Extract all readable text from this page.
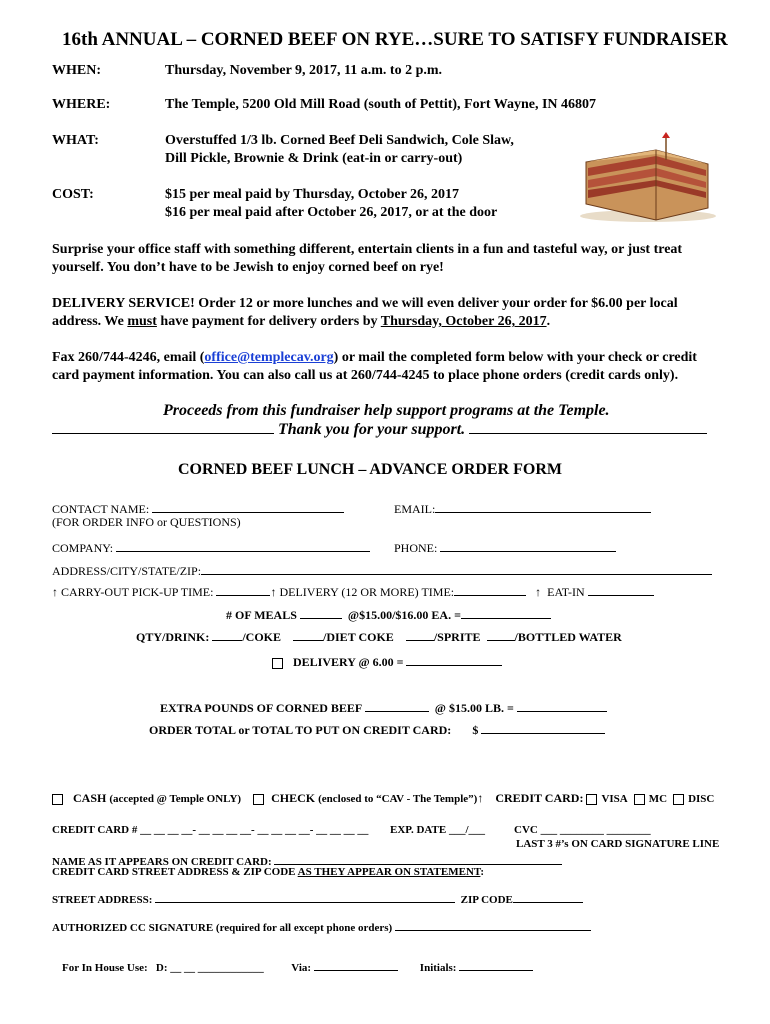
16th ANNUAL – CORNED BEEF ON RYE…SURE TO SATISFY FUNDRAISER
WHEN:	Thursday, November 9, 2017, 11 a.m. to 2 p.m.
WHERE:	The Temple, 5200 Old Mill Road (south of Pettit), Fort Wayne, IN 46807
WHAT:	Overstuffed 1/3 lb. Corned Beef Deli Sandwich, Cole Slaw,
Dill Pickle, Brownie & Drink (eat-in or carry-out)
COST:	$15 per meal paid by Thursday, October 26, 2017
$16 per meal paid after October 26, 2017, or at the door
Surprise your office staff with something different, entertain clients in a fun and tasteful way, or just treat yourself. You don’t have to be Jewish to enjoy corned beef on rye!
DELIVERY SERVICE! Order 12 or more lunches and we will even deliver your order for $6.00 per local address. We must have payment for delivery orders by Thursday, October 26, 2017.
Fax 260/744-4246, email (office@templecav.org) or mail the completed form below with your check or credit card payment information. You can also call us at 260/744-4245 to place phone orders (credit cards only).
Proceeds from this fundraiser help support programs at the Temple.
Thank you for your support.
CORNED BEEF LUNCH – ADVANCE ORDER FORM
CONTACT NAME:
(FOR ORDER INFO or QUESTIONS)
EMAIL:
COMPANY:	PHONE:
ADDRESS/CITY/STATE/ZIP:
↑ CARRY-OUT PICK-UP TIME:	↑ DELIVERY (12 OR MORE) TIME:	↑ EAT-IN
# OF MEALS	@$15.00/$16.00 EA. =
QTY/DRINK:	/COKE	/DIET COKE	/SPRITE	/BOTTLED WATER
DELIVERY @ 6.00 =
EXTRA POUNDS OF CORNED BEEF	@ $15.00 LB. =
ORDER TOTAL or TOTAL TO PUT ON CREDIT CARD: $
CASH (accepted @ Temple ONLY)	CHECK (enclosed to “CAV - The Temple”)↑ CREDIT CARD: VISA MC DISC
CREDIT CARD # __ __ __ __- __ __ __ __- __ __ __ __- __ __ __ __ EXP. DATE ___/___	CVC ___ ________ ________
LAST 3 #’s ON CARD SIGNATURE LINE
NAME AS IT APPEARS ON CREDIT CARD:
CREDIT CARD STREET ADDRESS & ZIP CODE AS THEY APPEAR ON STATEMENT:
STREET ADDRESS:	ZIP CODE
AUTHORIZED CC SIGNATURE (required for all except phone orders)
For In House Use: D: __ __ ____________	Via:	Initials:
